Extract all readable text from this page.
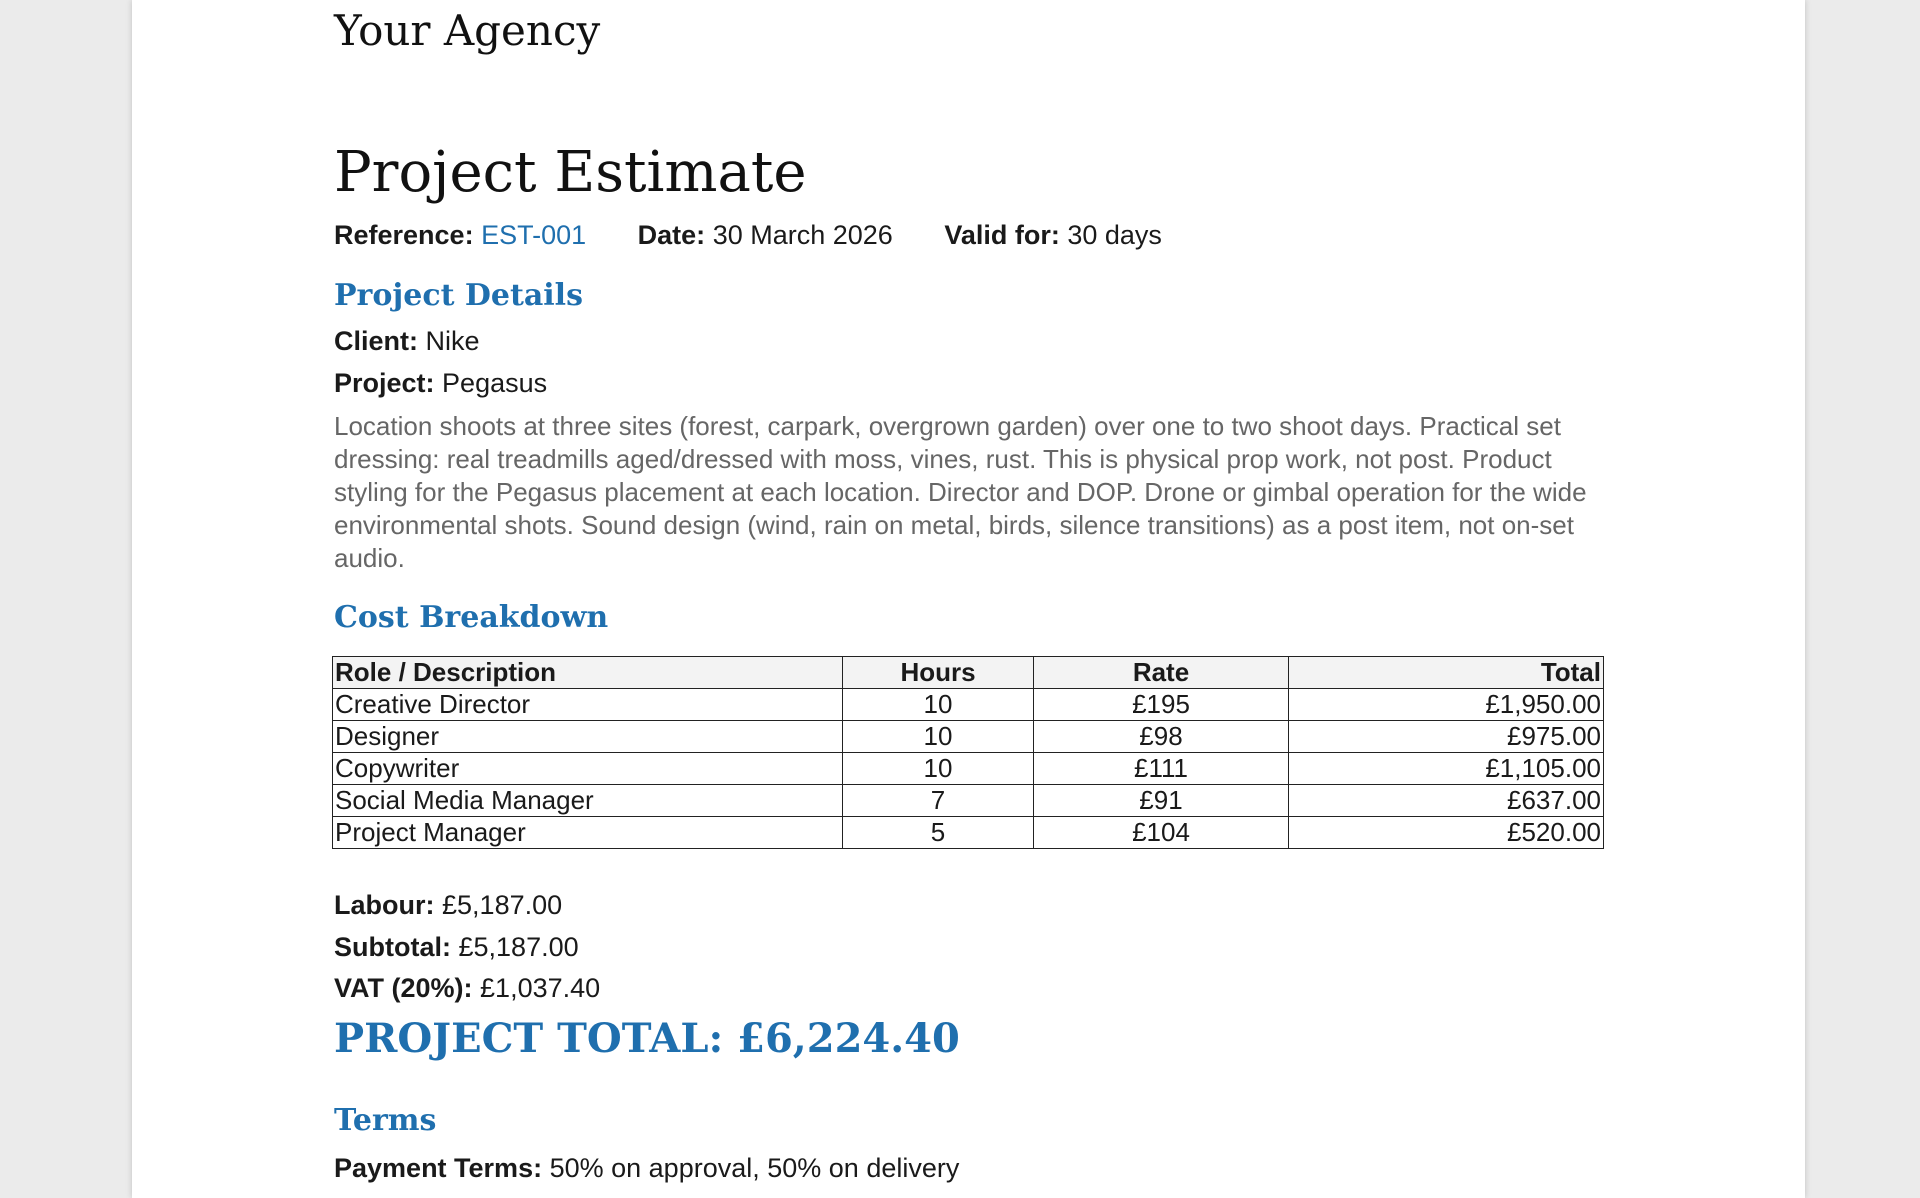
Your Agency
Project Estimate
Reference: EST-001 Date: 30 March 2026 Valid for: 30 days
Project Details
Client: Nike
Project: Pegasus
Location shoots at three sites (forest, carpark, overgrown garden) over one to two shoot days. Practical set dressing: real treadmills aged/dressed with moss, vines, rust. This is physical prop work, not post. Product styling for the Pegasus placement at each location. Director and DOP. Drone or gimbal operation for the wide environmental shots. Sound design (wind, rain on metal, birds, silence transitions) as a post item, not on-set audio.
Cost Breakdown
Role / Description	Hours	Rate	Total
Creative Director	10	£195	£1,950.00
Designer	10	£98	£975.00
Copywriter	10	£111	£1,105.00
Social Media Manager	7	£91	£637.00
Project Manager	5	£104	£520.00
Labour: £5,187.00
Subtotal: £5,187.00
VAT (20%): £1,037.40
PROJECT TOTAL: £6,224.40
Terms
Payment Terms: 50% on approval, 50% on delivery
